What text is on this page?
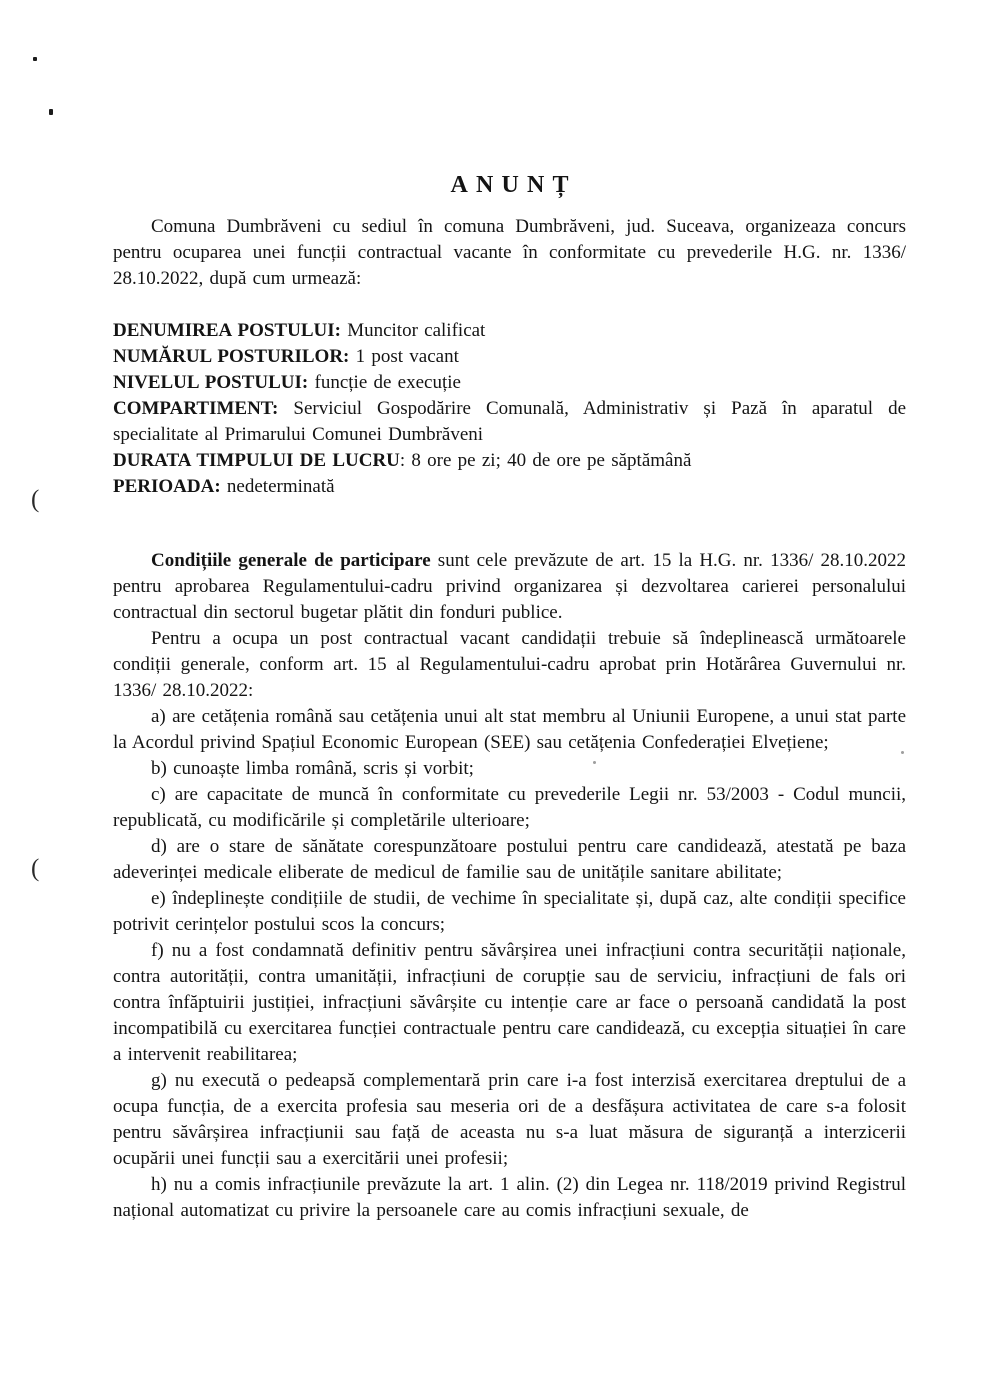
(
(
ANUNȚ

Comuna Dumbrăveni cu sediul în comuna Dumbrăveni, jud. Suceava, organizeaza concurs pentru ocuparea unei funcții contractual vacante în conformitate cu prevederile H.G. nr. 1336/ 28.10.2022, după cum urmează:

DENUMIREA POSTULUI: Muncitor calificat

NUMĂRUL POSTURILOR: 1 post vacant

NIVELUL POSTULUI: funcție de execuție

COMPARTIMENT: Serviciul Gospodărire Comunală, Administrativ și Pază în aparatul de specialitate al Primarului Comunei Dumbrăveni

DURATA TIMPULUI DE LUCRU: 8 ore pe zi; 40 de ore pe săptămână

PERIOADA: nedeterminată

Condițiile generale de participare sunt cele prevăzute de art. 15 la H.G. nr. 1336/ 28.10.2022 pentru aprobarea Regulamentului-cadru privind organizarea și dezvoltarea carierei personalului contractual din sectorul bugetar plătit din fonduri publice.

Pentru a ocupa un post contractual vacant candidații trebuie să îndeplinească următoarele condiții generale, conform art. 15 al Regulamentului-cadru aprobat prin Hotărârea Guvernului nr. 1336/ 28.10.2022:

a) are cetățenia română sau cetățenia unui alt stat membru al Uniunii Europene, a unui stat parte la Acordul privind Spațiul Economic European (SEE) sau cetățenia Confederației Elvețiene;

b) cunoaște limba română, scris și vorbit;

c) are capacitate de muncă în conformitate cu prevederile Legii nr. 53/2003 - Codul muncii, republicată, cu modificările și completările ulterioare;

d) are o stare de sănătate corespunzătoare postului pentru care candidează, atestată pe baza adeverinței medicale eliberate de medicul de familie sau de unitățile sanitare abilitate;

e) îndeplinește condițiile de studii, de vechime în specialitate și, după caz, alte condiții specifice potrivit cerințelor postului scos la concurs;

f) nu a fost condamnată definitiv pentru săvârșirea unei infracțiuni contra securității naționale, contra autorității, contra umanității, infracțiuni de corupție sau de serviciu, infracțiuni de fals ori contra înfăptuirii justiției, infracțiuni săvârșite cu intenție care ar face o persoană candidată la post incompatibilă cu exercitarea funcției contractuale pentru care candidează, cu excepția situației în care a intervenit reabilitarea;

g) nu execută o pedeapsă complementară prin care i-a fost interzisă exercitarea dreptului de a ocupa funcția, de a exercita profesia sau meseria ori de a desfășura activitatea de care s-a folosit pentru săvârșirea infracțiunii sau față de aceasta nu s-a luat măsura de siguranță a interzicerii ocupării unei funcții sau a exercitării unei profesii;

h) nu a comis infracțiunile prevăzute la art. 1 alin. (2) din Legea nr. 118/2019 privind Registrul național automatizat cu privire la persoanele care au comis infracțiuni sexuale, de
